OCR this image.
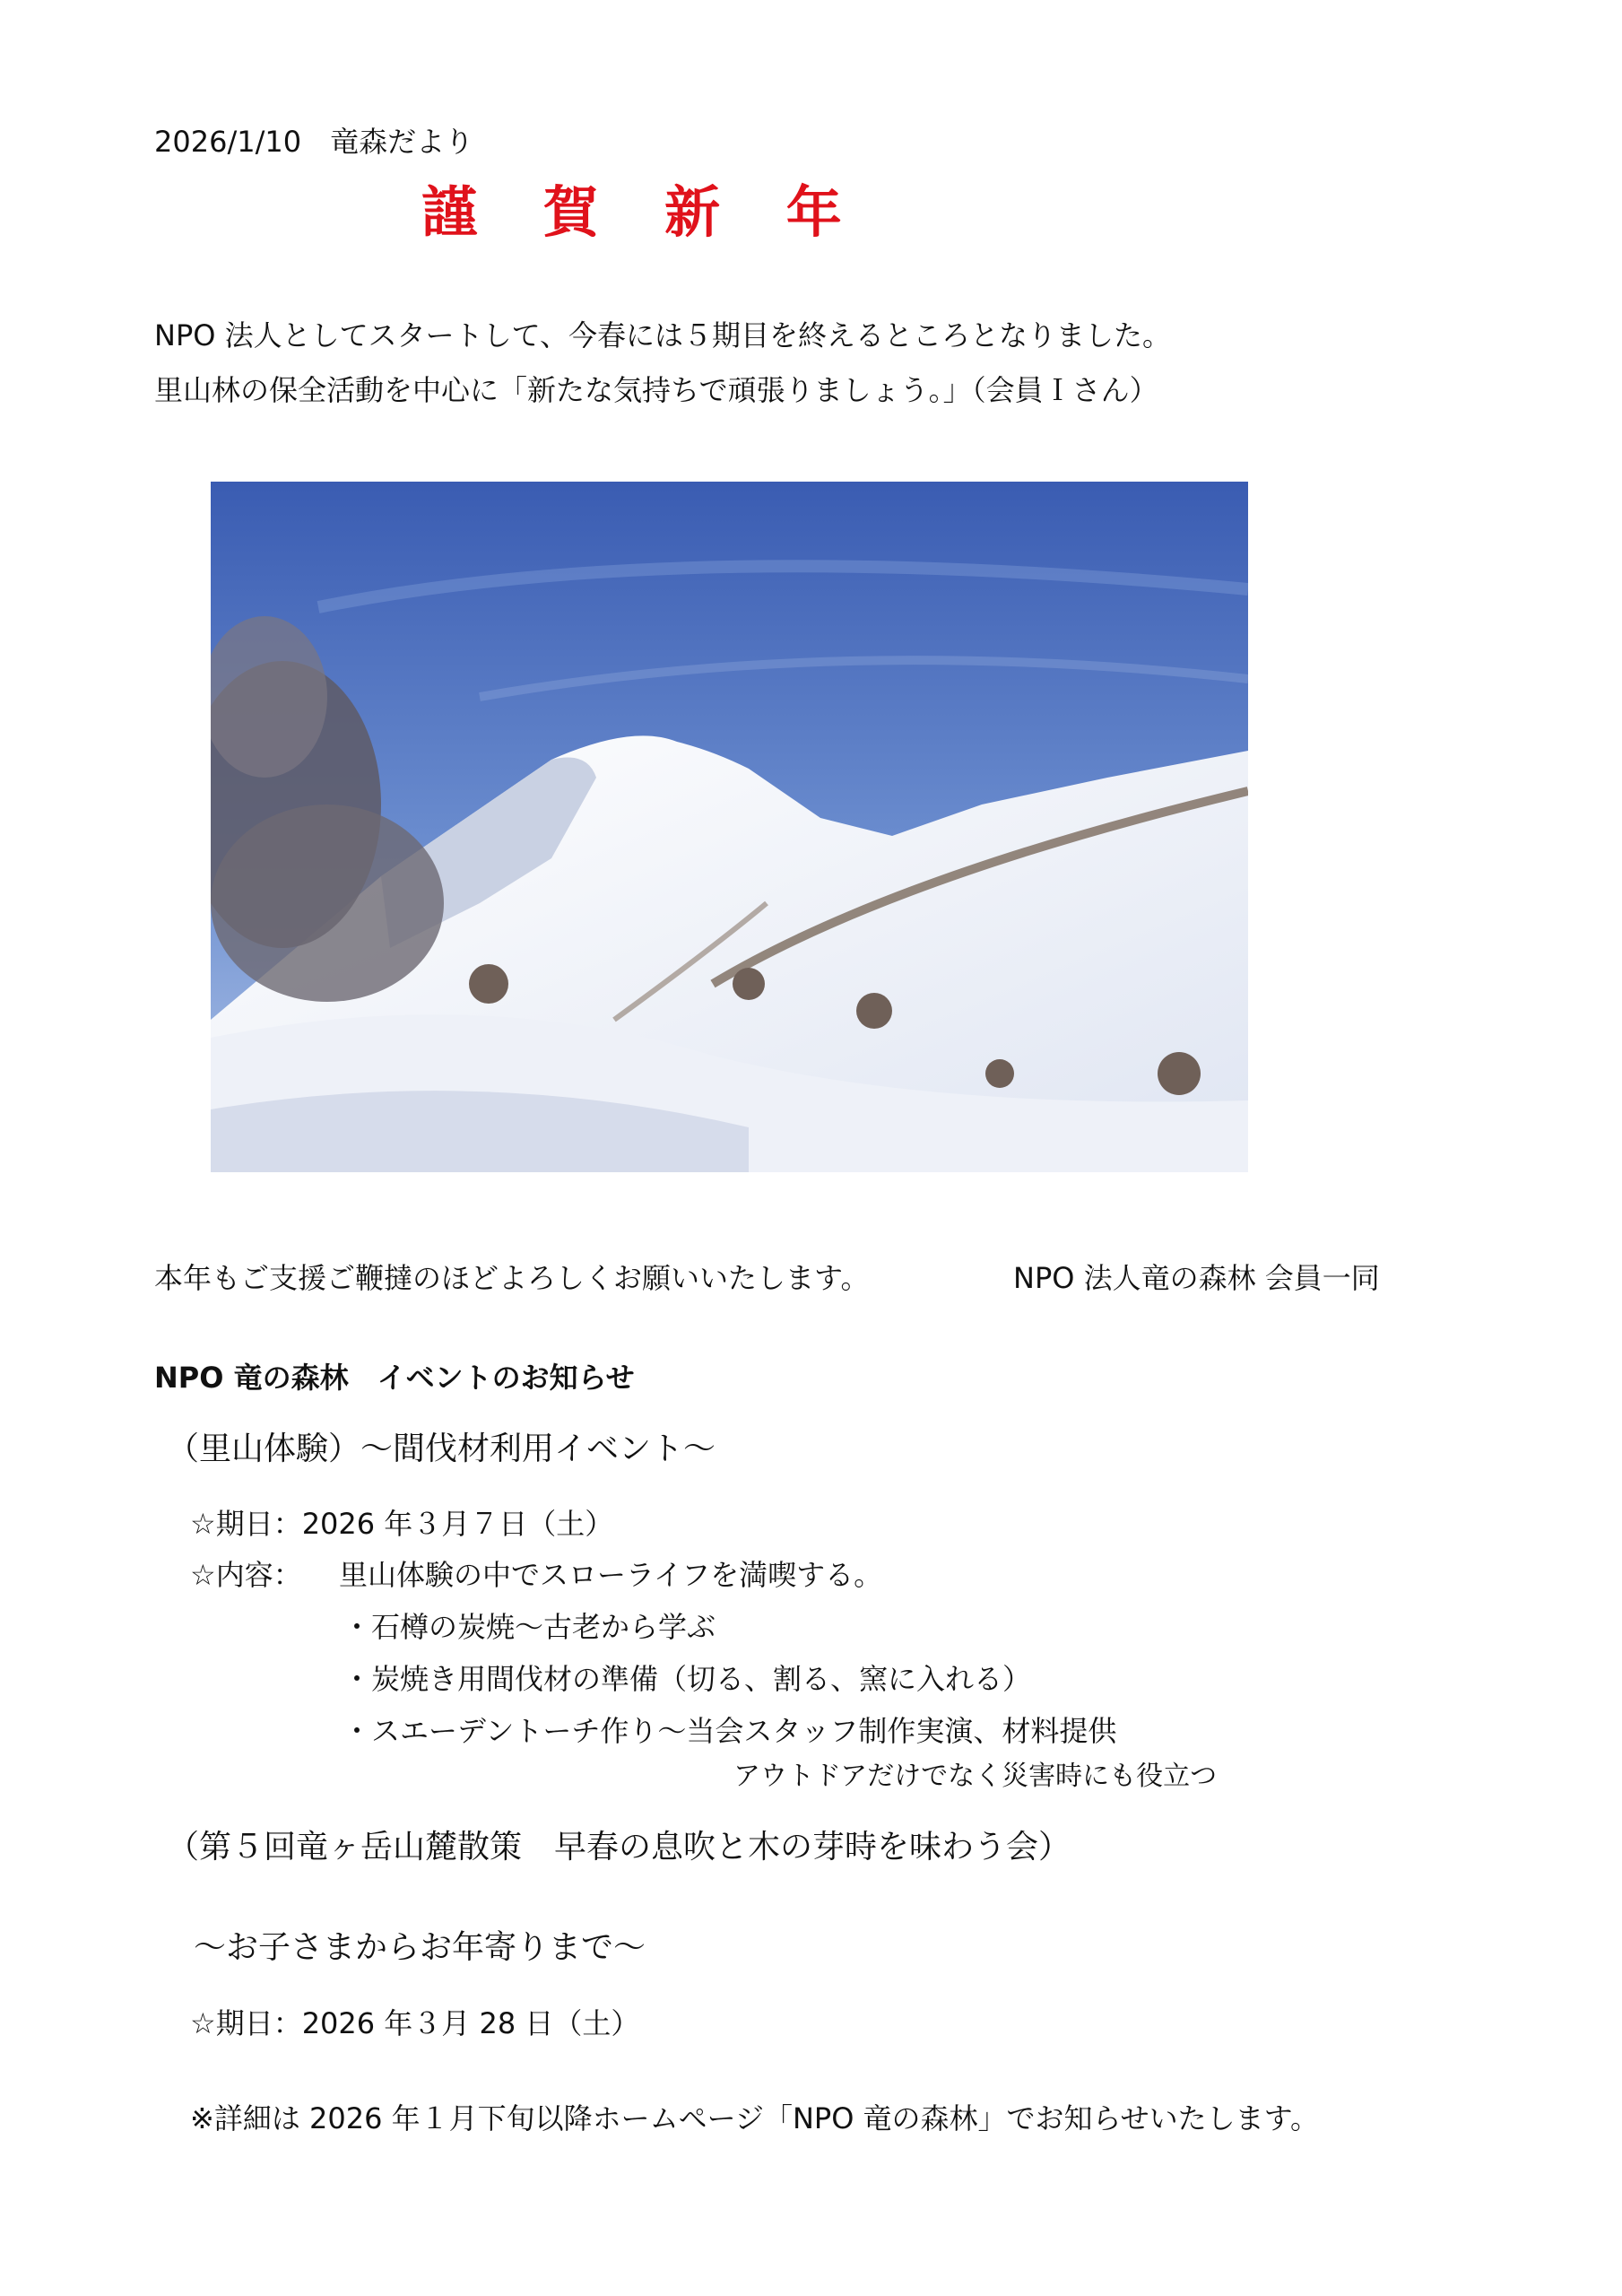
2026/1/10　竜森だより
謹 賀 新 年
NPO 法人としてスタートして、今春には５期目を終えるところとなりました。
里山林の保全活動を中心に「新たな気持ちで頑張りましょう。」（会員Ｉさん）
本年もご支援ご鞭撻のほどよろしくお願いいたします。	NPO 法人竜の森林 会員一同
NPO 竜の森林　イベントのお知らせ
（里山体験）～間伐材利用イベント～
☆期日：2026 年３月７日（土）
☆内容： 里山体験の中でスローライフを満喫する。
・石樽の炭焼～古老から学ぶ
・炭焼き用間伐材の準備（切る、割る、窯に入れる）
・スエーデントーチ作り～当会スタッフ制作実演、材料提供
アウトドアだけでなく災害時にも役立つ
（第５回竜ヶ岳山麓散策　早春の息吹と木の芽時を味わう会）
～お子さまからお年寄りまで～
☆期日：2026 年３月 28 日（土）
※詳細は 2026 年１月下旬以降ホームページ「NPO 竜の森林」でお知らせいたします。
